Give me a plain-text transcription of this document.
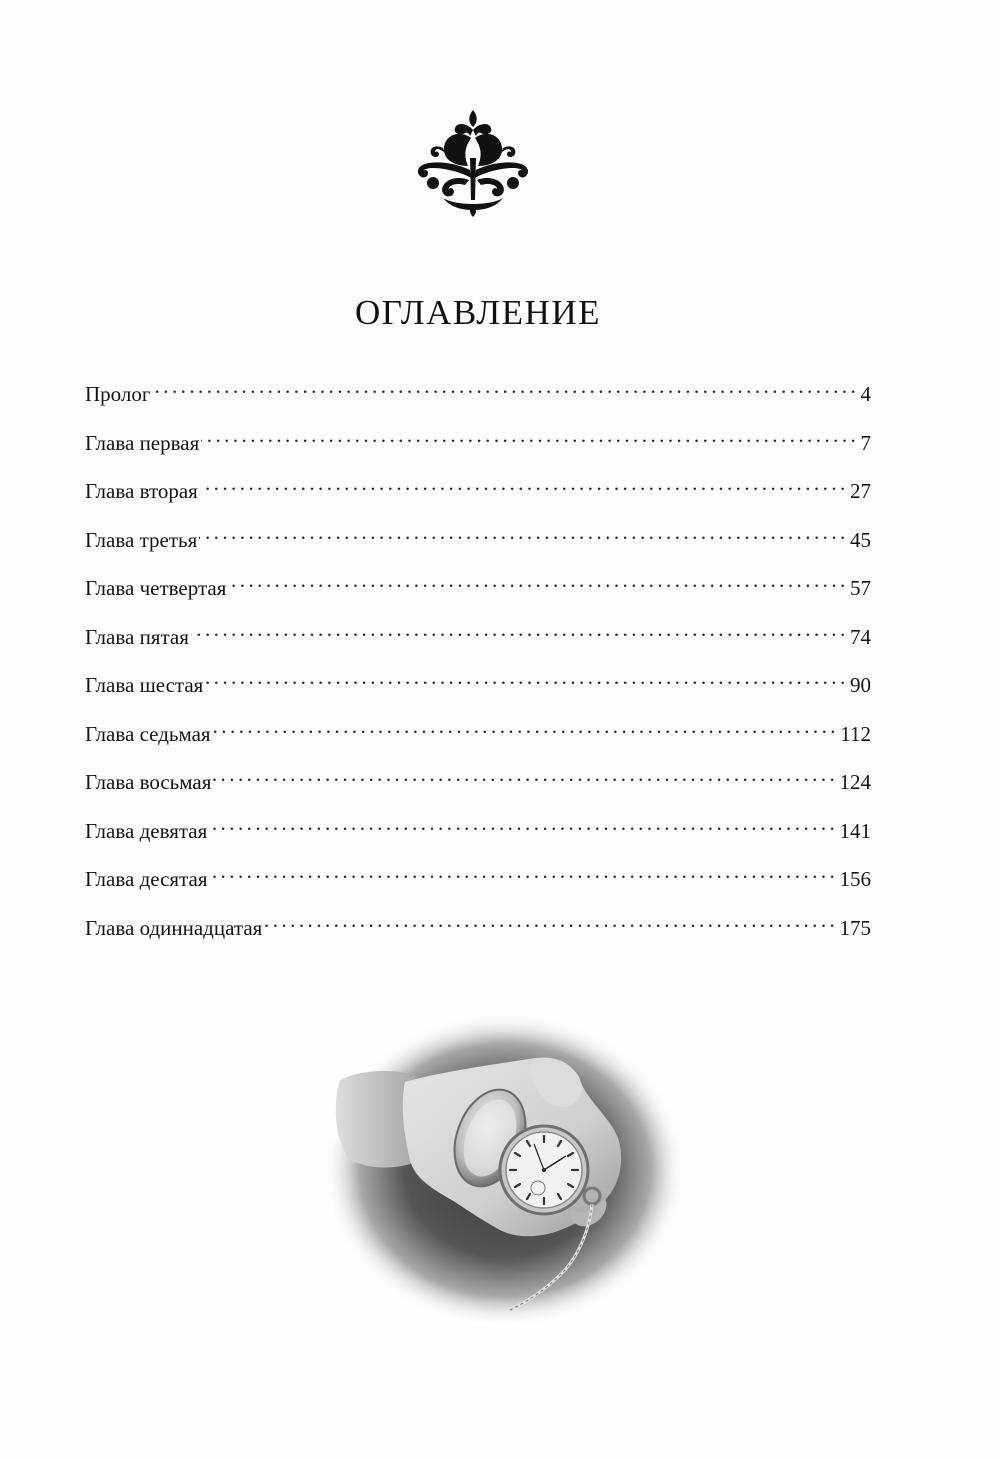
ОГЛАВЛЕНИЕ
Пролог . . .	4
Глава первая . . .	7
Глава вторая . . .	27
Глава третья . . .	45
Глава четвертая . . .	57
Глава пятая . . .	74
Глава шестая . . .	90
Глава седьмая . . .	112
Глава восьмая . . .	124
Глава девятая . . .	141
Глава десятая . . .	156
Глава одиннадцатая . . .	175
